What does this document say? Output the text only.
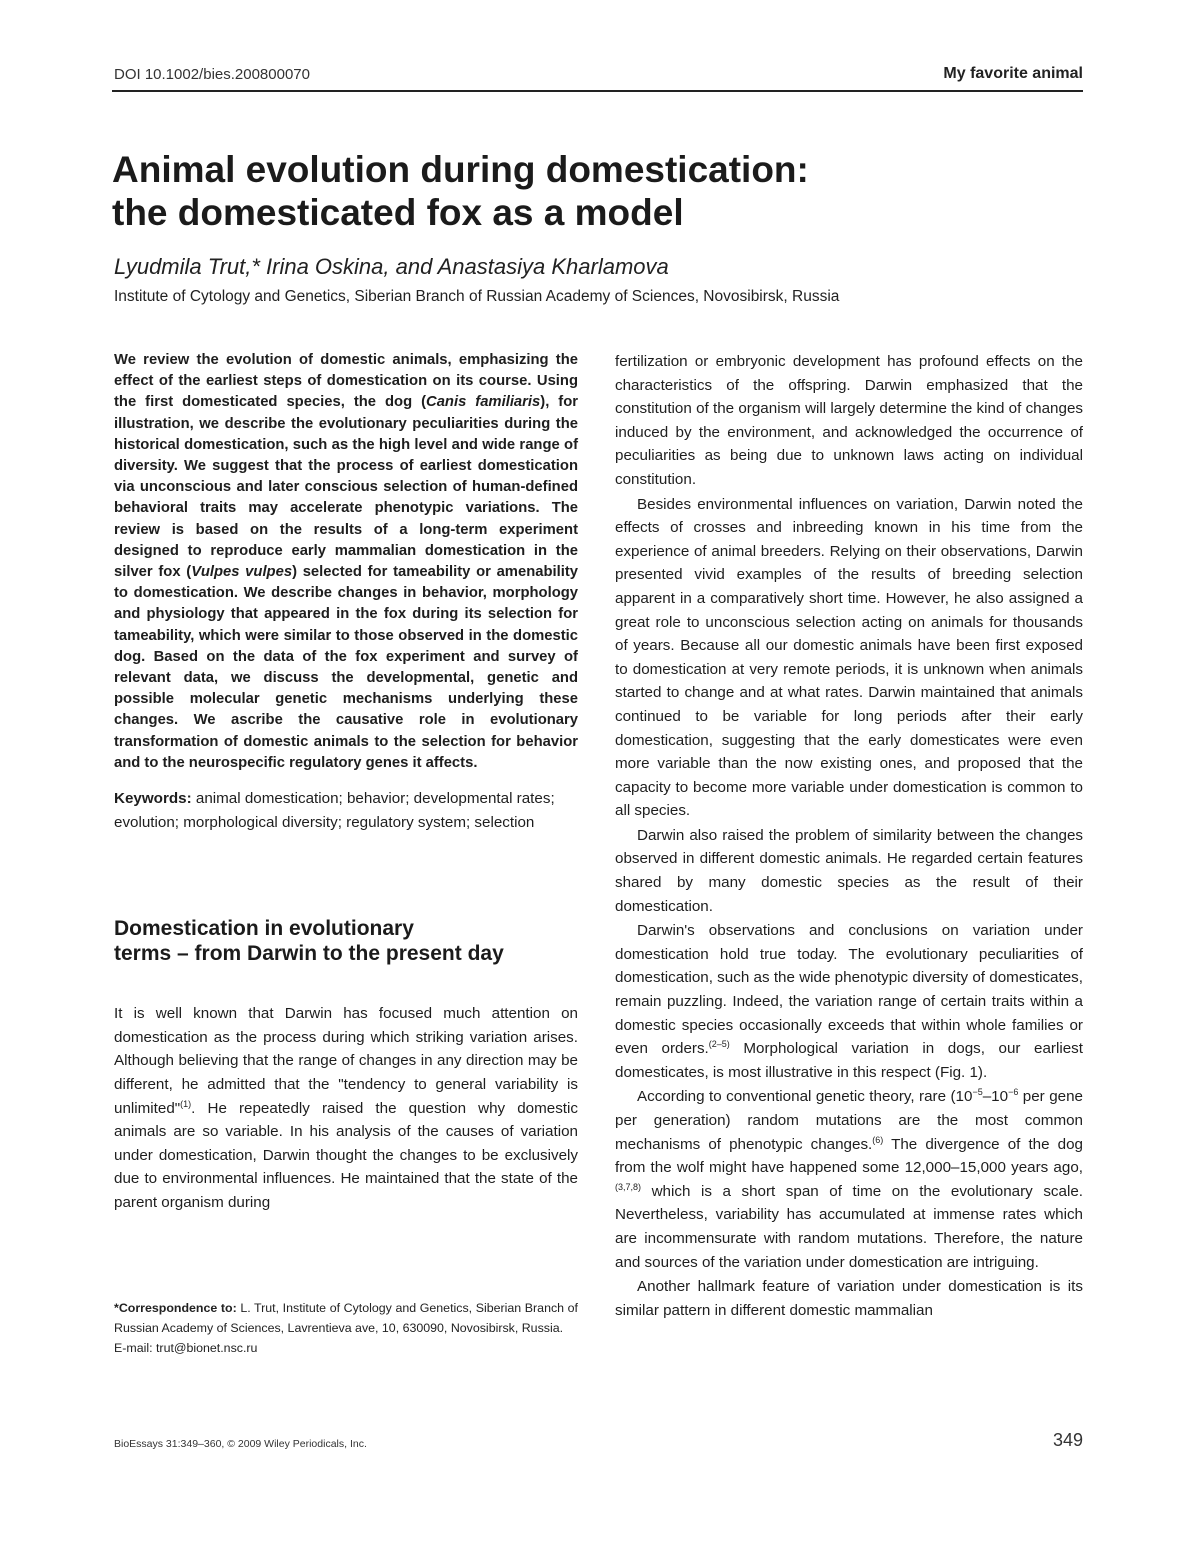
DOI 10.1002/bies.200800070	My favorite animal
Animal evolution during domestication:
the domesticated fox as a model
Lyudmila Trut,* Irina Oskina, and Anastasiya Kharlamova
Institute of Cytology and Genetics, Siberian Branch of Russian Academy of Sciences, Novosibirsk, Russia

We review the evolution of domestic animals, emphasizing the effect of the earliest steps of domestication on its course. Using the first domesticated species, the dog (Canis familiaris), for illustration, we describe the evolutionary peculiarities during the historical domestication, such as the high level and wide range of diversity. We suggest that the process of earliest domestication via unconscious and later conscious selection of human-defined behavioral traits may accelerate phenotypic variations. The review is based on the results of a long-term experiment designed to reproduce early mammalian domestication in the silver fox (Vulpes vulpes) selected for tameability or amenability to domestication. We describe changes in behavior, morphology and physiology that appeared in the fox during its selection for tameability, which were similar to those observed in the domestic dog. Based on the data of the fox experiment and survey of relevant data, we discuss the developmental, genetic and possible molecular genetic mechanisms underlying these changes. We ascribe the causative role in evolutionary transformation of domestic animals to the selection for behavior and to the neurospecific regulatory genes it affects.

Keywords: animal domestication; behavior; developmental rates; evolution; morphological diversity; regulatory system; selection

Domestication in evolutionary
terms – from Darwin to the present day

It is well known that Darwin has focused much attention on domestication as the process during which striking variation arises. Although believing that the range of changes in any direction may be different, he admitted that the "tendency to general variability is unlimited"$^{(1)}$. He repeatedly raised the question why domestic animals are so variable. In his analysis of the causes of variation under domestication, Darwin thought the changes to be exclusively due to environmental influences. He maintained that the state of the parent organism during

fertilization or embryonic development has profound effects on the characteristics of the offspring. Darwin emphasized that the constitution of the organism will largely determine the kind of changes induced by the environment, and acknowledged the occurrence of peculiarities as being due to unknown laws acting on individual constitution.

Besides environmental influences on variation, Darwin noted the effects of crosses and inbreeding known in his time from the experience of animal breeders. Relying on their observations, Darwin presented vivid examples of the results of breeding selection apparent in a comparatively short time. However, he also assigned a great role to unconscious selection acting on animals for thousands of years. Because all our domestic animals have been first exposed to domestication at very remote periods, it is unknown when animals started to change and at what rates. Darwin maintained that animals continued to be variable for long periods after their early domestication, suggesting that the early domesticates were even more variable than the now existing ones, and proposed that the capacity to become more variable under domestication is common to all species.

Darwin also raised the problem of similarity between the changes observed in different domestic animals. He regarded certain features shared by many domestic species as the result of their domestication.

Darwin's observations and conclusions on variation under domestication hold true today. The evolutionary peculiarities of domestication, such as the wide phenotypic diversity of domesticates, remain puzzling. Indeed, the variation range of certain traits within a domestic species occasionally exceeds that within whole families or even orders.$^{(2-5)}$ Morphological variation in dogs, our earliest domesticates, is most illustrative in this respect (Fig. 1).

According to conventional genetic theory, rare ($10^{-5}-10^{-6}$ per gene per generation) random mutations are the most common mechanisms of phenotypic changes.$^{(6)}$ The divergence of the dog from the wolf might have happened some 12,000–15,000 years ago,$^{(3,7,8)}$ which is a short span of time on the evolutionary scale. Nevertheless, variability has accumulated at immense rates which are incommensurate with random mutations. Therefore, the nature and sources of the variation under domestication are intriguing.

Another hallmark feature of variation under domestication is its similar pattern in different domestic mammalian

*Correspondence to: L. Trut, Institute of Cytology and Genetics, Siberian Branch of Russian Academy of Sciences, Lavrentieva ave, 10, 630090, Novosibirsk, Russia.

E-mail: trut@bionet.nsc.ru

BioEssays 31:349–360, © 2009 Wiley Periodicals, Inc.	349
